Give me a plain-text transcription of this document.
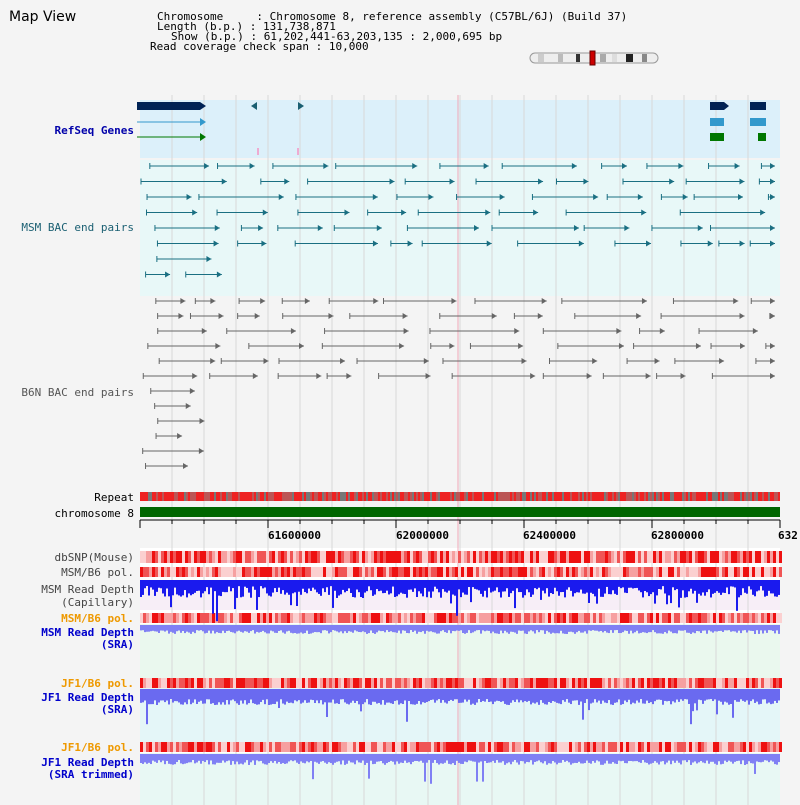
Map View	Chromosome     : Chromosome 8, reference assembly (C57BL/6J) (Build 37)
Length (b.p.) : 131,738,871
Show (b.p.) : 61,202,441-63,203,135 : 2,000,695 bp
Read coverage check span : 10,000
RefSeq Genes
MSM BAC end pairs
B6N BAC end pairs
Repeat
chromosome 8
dbSNP(Mouse)
MSM/B6 pol.
MSM Read Depth
(Capillary)
MSM/B6 pol.
MSM Read Depth
(SRA)
JF1/B6 pol.
JF1 Read Depth
(SRA)
JF1/B6 pol.
JF1 Read Depth
(SRA trimmed)
61600000	62000000	62400000	62800000	632
